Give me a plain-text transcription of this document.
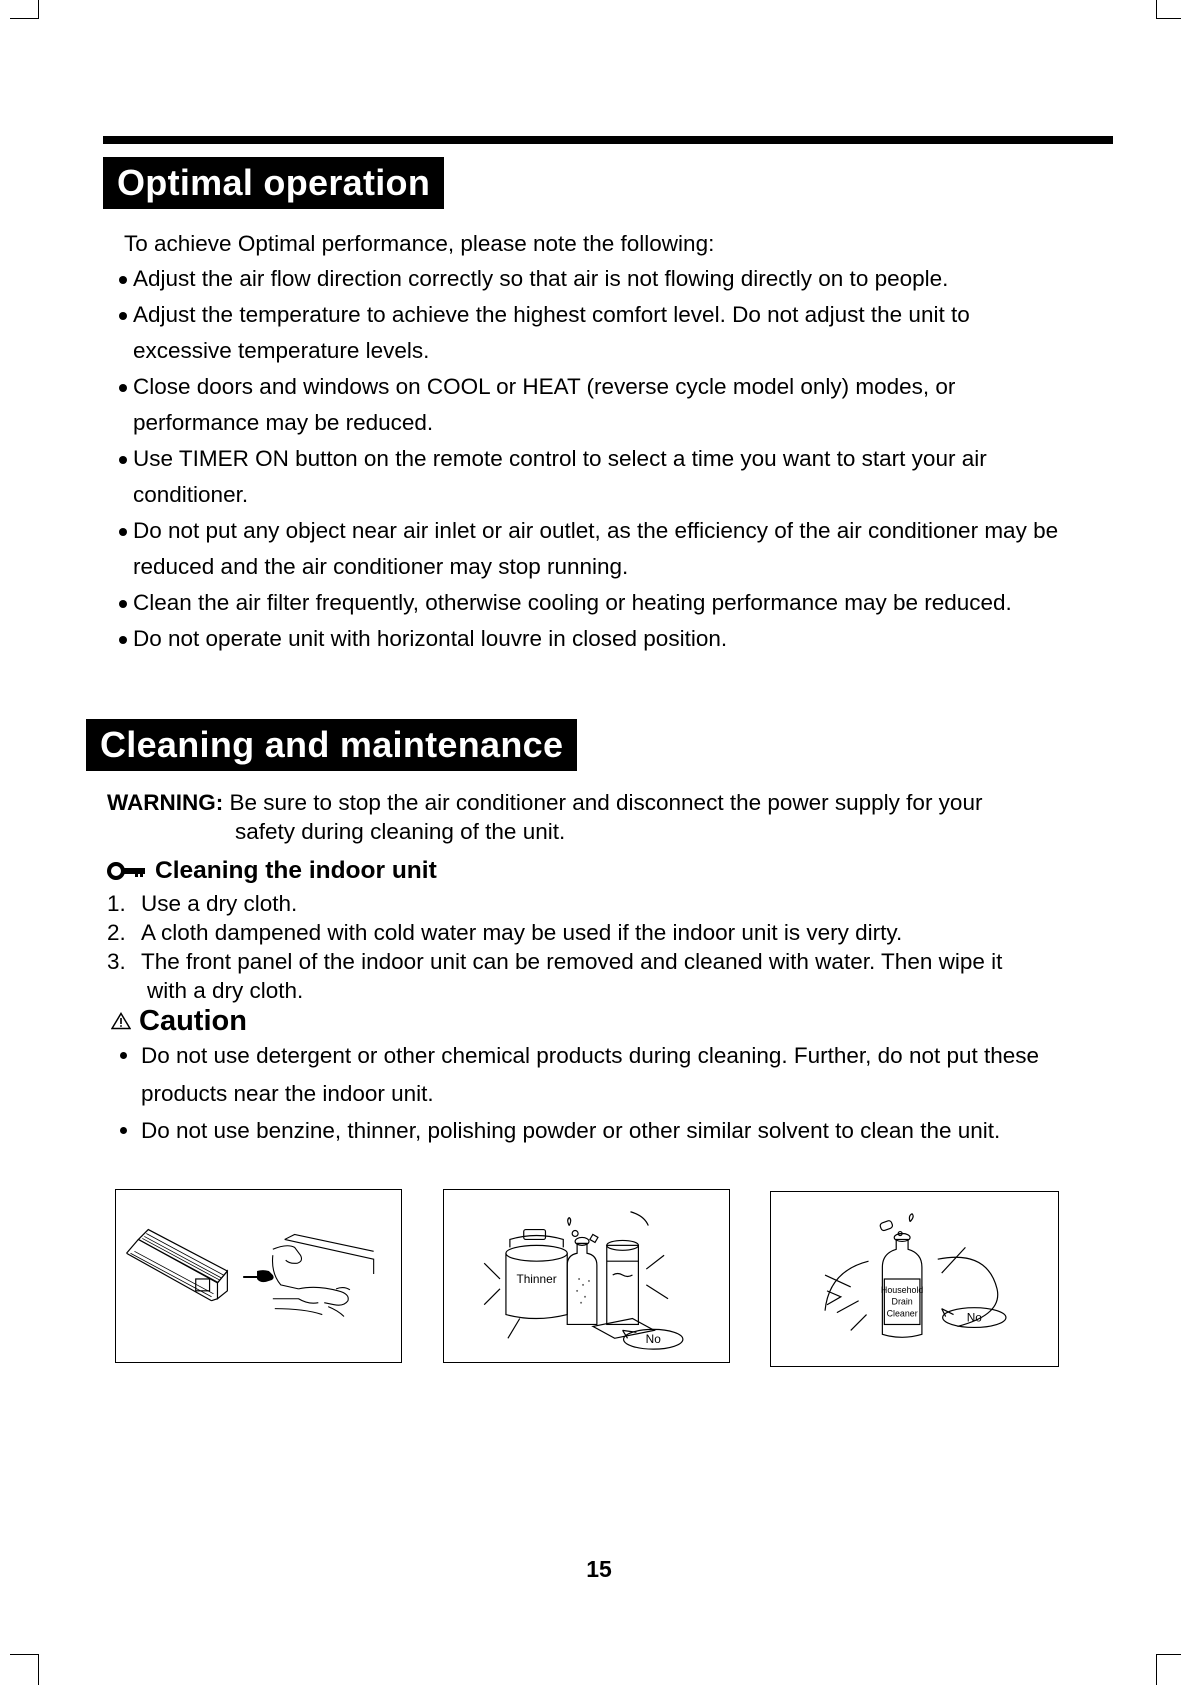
Optimal operation
To achieve Optimal performance, please note the following:
Adjust the air flow direction correctly so that air is not flowing directly on to people.
Adjust the temperature to achieve the highest comfort level. Do not adjust the unit to excessive temperature levels.
Close doors and windows on COOL or HEAT (reverse cycle model only) modes, or performance may be reduced.
Use TIMER ON button on the remote control to select a time you want to start your air conditioner.
Do not put any object near air inlet or air outlet, as the efficiency of the air conditioner may be reduced and the air conditioner may stop running.
Clean the air filter frequently, otherwise cooling or heating performance may be reduced.
Do not operate unit with horizontal louvre in closed position.
Cleaning and maintenance
WARNING: Be sure to stop the air conditioner and disconnect the power supply for your
safety during cleaning of the unit.
Cleaning the indoor unit
1. Use a dry cloth.
2. A cloth dampened with cold water may be used if the indoor unit is very dirty.
3. The front panel of the indoor unit can be removed and cleaned with water. Then wipe it
with a dry cloth.
Caution
Do not use detergent or other chemical products during cleaning. Further, do not put these products near the indoor unit.
Do not use benzine, thinner, polishing powder or other similar solvent to clean the unit.
Thinner
No
Household
Drain
Cleaner	No
15
